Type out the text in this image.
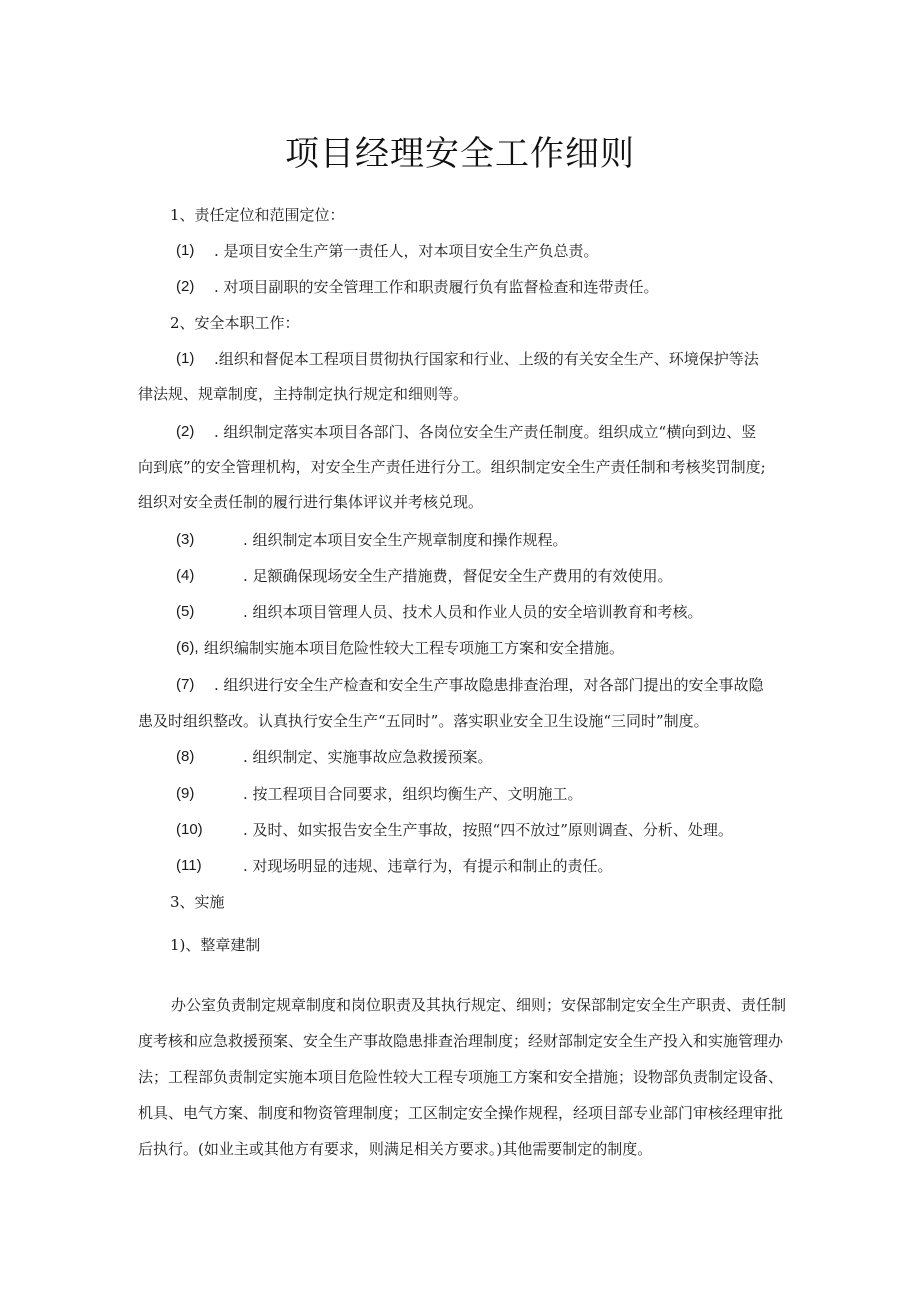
项目经理安全工作细则
1、责任定位和范围定位：
(1) . 是项目安全生产第一责任人，对本项目安全生产负总责。
(2) . 对项目副职的安全管理工作和职责履行负有监督检查和连带责任。
2、安全本职工作：
(1) .组织和督促本工程项目贯彻执行国家和行业、上级的有关安全生产、环境保护等法
律法规、规章制度，主持制定执行规定和细则等。
(2) . 组织制定落实本项目各部门、各岗位安全生产责任制度。组织成立“横向到边、竖
向到底”的安全管理机构，对安全生产责任进行分工。组织制定安全生产责任制和考核奖罚制度;
组织对安全责任制的履行进行集体评议并考核兑现。
(3)	. 组织制定本项目安全生产规章制度和操作规程。
(4)	. 足额确保现场安全生产措施费，督促安全生产费用的有效使用。
(5)	. 组织本项目管理人员、技术人员和作业人员的安全培训教育和考核。
(6), 组织编制实施本项目危险性较大工程专项施工方案和安全措施。
(7) . 组织进行安全生产检查和安全生产事故隐患排查治理，对各部门提出的安全事故隐
患及时组织整改。认真执行安全生产“五同时”。落实职业安全卫生设施“三同时”制度。
(8)	. 组织制定、实施事故应急救援预案。
(9)	. 按工程项目合同要求，组织均衡生产、文明施工。
(10)	. 及时、如实报告安全生产事故，按照“四不放过”原则调查、分析、处理。
(11)	. 对现场明显的违规、违章行为，有提示和制止的责任。
3、实施
1)、整章建制
办公室负责制定规章制度和岗位职责及其执行规定、细则；安保部制定安全生产职责、责任制度考核和应急救援预案、安全生产事故隐患排查治理制度；经财部制定安全生产投入和实施管理办法；工程部负责制定实施本项目危险性较大工程专项施工方案和安全措施；设物部负责制定设备、机具、电气方案、制度和物资管理制度；工区制定安全操作规程，经项目部专业部门审核经理审批后执行。(如业主或其他方有要求，则满足相关方要求。)其他需要制定的制度。
